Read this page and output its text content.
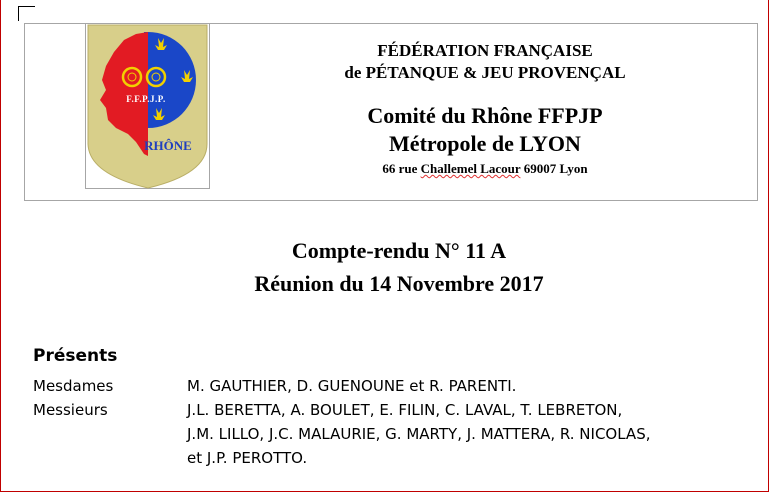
F.F.P.J.P.
RHÔNE
FÉDÉRATION FRANÇAISE
de PÉTANQUE & JEU PROVENÇAL
Comité du Rhône FFPJP
Métropole de LYON
66 rue Challemel Lacour 69007 Lyon
Compte-rendu N° 11 A
Réunion du 14 Novembre 2017
Présents
Mesdames	M. GAUTHIER, D. GUENOUNE et R. PARENTI.
Messieurs	J.L. BERETTA, A. BOULET, E. FILIN, C. LAVAL, T. LEBRETON,
J.M. LILLO, J.C. MALAURIE, G. MARTY, J. MATTERA, R. NICOLAS,
et J.P. PEROTTO.
